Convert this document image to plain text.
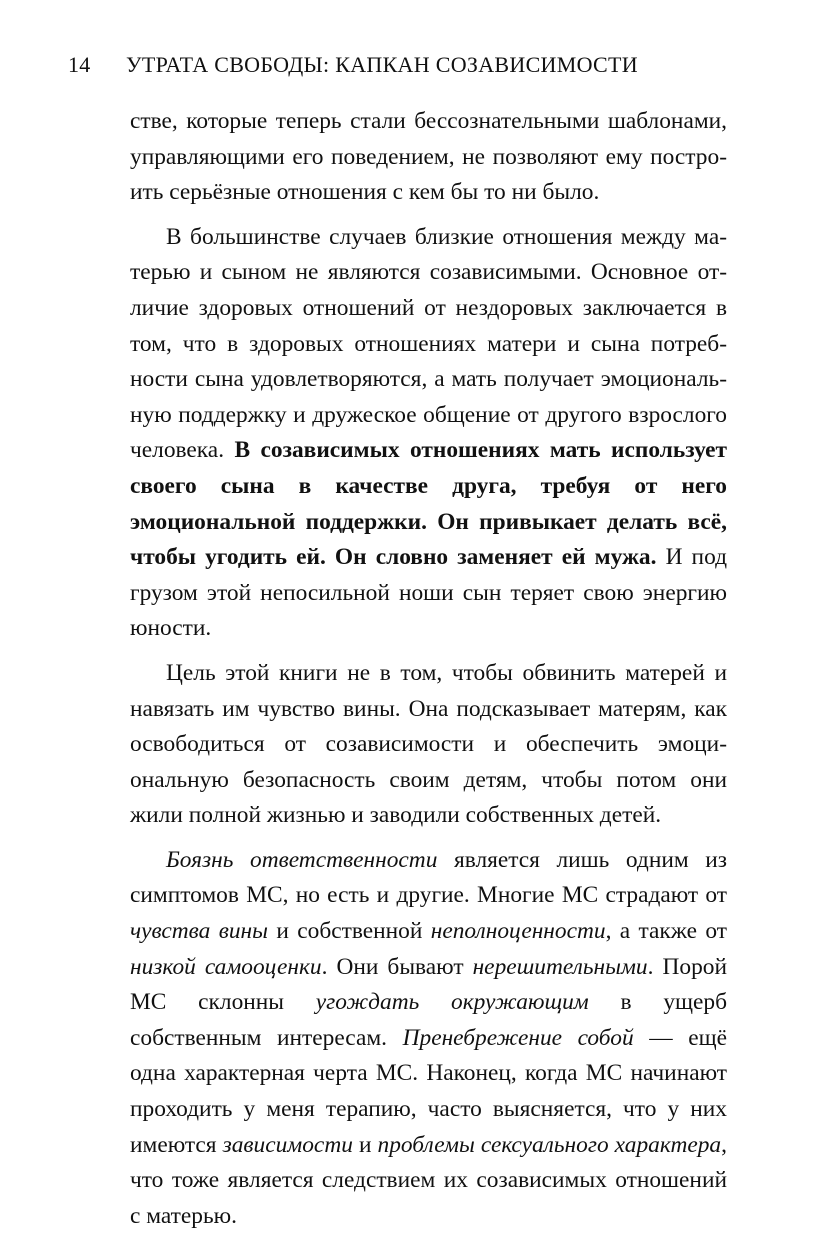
14 УТРАТА СВОБОДЫ: КАПКАН СОЗАВИСИМОСТИ

стве, которые теперь стали бессознательными шаблонами, управляющими его поведением, не позволяют ему построить серьёзные отношения с кем бы то ни было.

В большинстве случаев близкие отношения между матерью и сыном не являются созависимыми. Основное отличие здоровых отношений от нездоровых заключается в том, что в здоровых отношениях матери и сына потребности сына удовлетворяются, а мать получает эмоциональную поддержку и дружеское общение от другого взрослого человека. В созависимых отношениях мать использует своего сына в качестве друга, требуя от него эмоциональной поддержки. Он привыкает делать всё, чтобы угодить ей. Он словно заменяет ей мужа. И под грузом этой непосильной ноши сын теряет свою энергию юности.

Цель этой книги не в том, чтобы обвинить матерей и навязать им чувство вины. Она подсказывает матерям, как освободиться от созависимости и обеспечить эмоциональную безопасность своим детям, чтобы потом они жили полной жизнью и заводили собственных детей.

Боязнь ответственности является лишь одним из симптомов МС, но есть и другие. Многие МС страдают от чувства вины и собственной неполноценности, а также от низкой самооценки. Они бывают нерешительными. Порой МС склонны угождать окружающим в ущерб собственным интересам. Пренебрежение собой — ещё одна характерная черта МС. Наконец, когда МС начинают проходить у меня терапию, часто выясняется, что у них имеются зависимости и проблемы сексуального характера, что тоже является следствием их созависимых отношений с матерью.
